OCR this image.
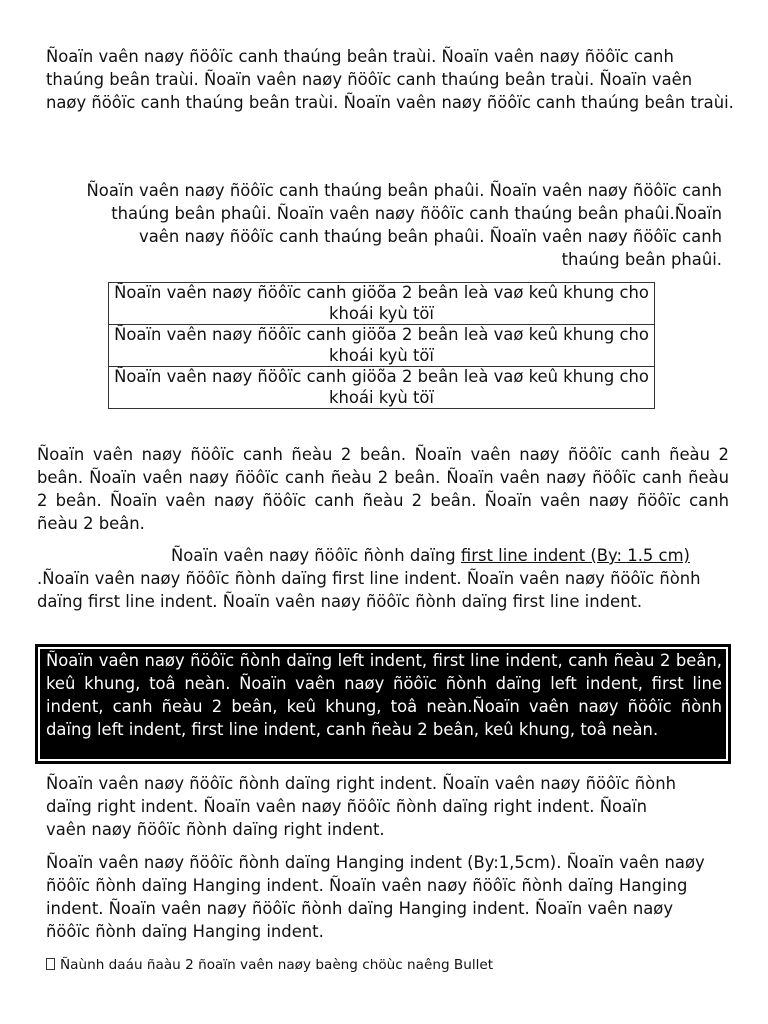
Ñoaïn vaên naøy ñöôïc canh thaúng beân traùi. Ñoaïn vaên naøy ñöôïc canh thaúng beân traùi. Ñoaïn vaên naøy ñöôïc canh thaúng beân traùi. Ñoaïn vaên naøy ñöôïc canh thaúng beân traùi. Ñoaïn vaên naøy ñöôïc canh thaúng beân traùi.

Ñoaïn vaên naøy ñöôïc canh thaúng beân phaûi. Ñoaïn vaên naøy ñöôïc canh thaúng beân phaûi. Ñoaïn vaên naøy ñöôïc canh thaúng beân phaûi.Ñoaïn vaên naøy ñöôïc canh thaúng beân phaûi. Ñoaïn vaên naøy ñöôïc canh thaúng beân phaûi.

Ñoaïn vaên naøy ñöôïc canh giöõa 2 beân leà vaø keû khung cho khoái kyù töï
Ñoaïn vaên naøy ñöôïc canh giöõa 2 beân leà vaø keû khung cho khoái kyù töï
Ñoaïn vaên naøy ñöôïc canh giöõa 2 beân leà vaø keû khung cho khoái kyù töï

Ñoaïn vaên naøy ñöôïc canh ñeàu 2 beân. Ñoaïn vaên naøy ñöôïc canh ñeàu 2 beân. Ñoaïn vaên naøy ñöôïc canh ñeàu 2 beân. Ñoaïn vaên naøy ñöôïc canh ñeàu 2 beân. Ñoaïn vaên naøy ñöôïc canh ñeàu 2 beân. Ñoaïn vaên naøy ñöôïc canh ñeàu 2 beân.

Ñoaïn vaên naøy ñöôïc ñònh daïng first line indent (By: 1.5 cm) .Ñoaïn vaên naøy ñöôïc ñònh daïng first line indent. Ñoaïn vaên naøy ñöôïc ñònh daïng first line indent. Ñoaïn vaên naøy ñöôïc ñònh daïng first line indent.

Ñoaïn vaên naøy ñöôïc ñònh daïng left indent, first line indent, canh ñeàu 2 beân, keû khung, toâ neàn. Ñoaïn vaên naøy ñöôïc ñònh daïng left indent, first line indent, canh ñeàu 2 beân, keû khung, toâ neàn.Ñoaïn vaên naøy ñöôïc ñònh daïng left indent, first line indent, canh ñeàu 2 beân, keû khung, toâ neàn.

Ñoaïn vaên naøy ñöôïc ñònh daïng right indent. Ñoaïn vaên naøy ñöôïc ñònh daïng right indent. Ñoaïn vaên naøy ñöôïc ñònh daïng right indent. Ñoaïn vaên naøy ñöôïc ñònh daïng right indent.

Ñoaïn vaên naøy ñöôïc ñònh daïng Hanging indent (By:1,5cm). Ñoaïn vaên naøy ñöôïc ñònh daïng Hanging indent. Ñoaïn vaên naøy ñöôïc ñònh daïng Hanging indent. Ñoaïn vaên naøy ñöôïc ñònh daïng Hanging indent. Ñoaïn vaên naøy ñöôïc ñònh daïng Hanging indent.

Ñaùnh daáu ñaàu 2 ñoaïn vaên naøy baèng chöùc naêng Bullet
